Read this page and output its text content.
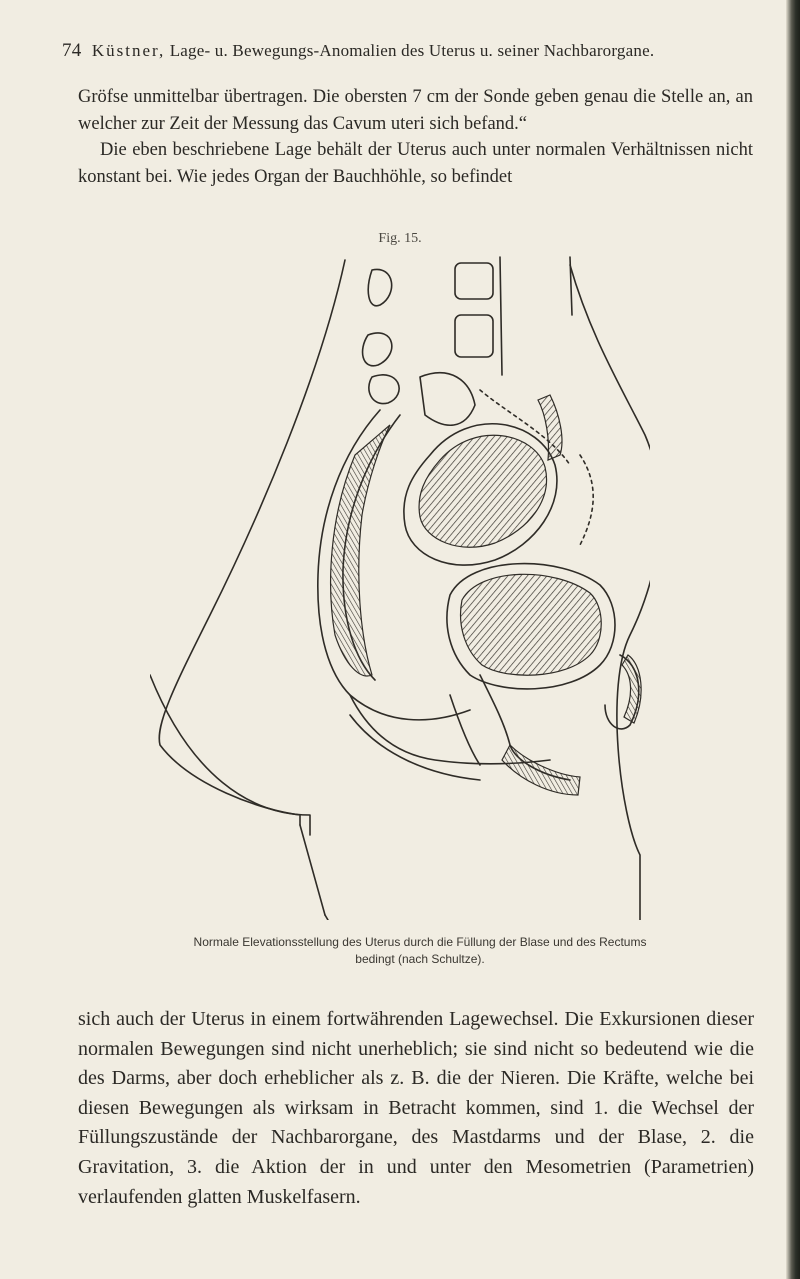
74 Küstner, Lage- u. Bewegungs-Anomalien des Uterus u. seiner Nachbarorgane.

Gröfse unmittelbar übertragen. Die obersten 7 cm der Sonde geben genau die Stelle an, an welcher zur Zeit der Messung das Cavum uteri sich befand.“

Die eben beschriebene Lage behält der Uterus auch unter normalen Verhältnissen nicht konstant bei. Wie jedes Organ der Bauchhöhle, so befindet

Fig. 15.
Normale Elevationsstellung des Uterus durch die Füllung der Blase und des Rectums
bedingt (nach Schultze).

sich auch der Uterus in einem fortwährenden Lagewechsel. Die Exkursionen dieser normalen Bewegungen sind nicht unerheblich; sie sind nicht so bedeutend wie die des Darms, aber doch erheblicher als z. B. die der Nieren. Die Kräfte, welche bei diesen Bewegungen als wirksam in Betracht kommen, sind 1. die Wechsel der Füllungszustände der Nachbarorgane, des Mastdarms und der Blase, 2. die Gravitation, 3. die Aktion der in und unter den Mesometrien (Parametrien) verlaufenden glatten Muskelfasern.
